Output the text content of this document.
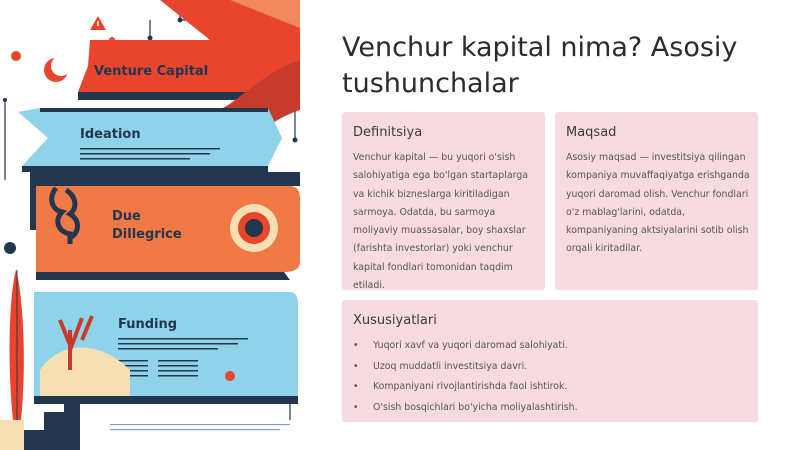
Venture Capital
Ideation
Due Dillegrice
Funding
Venchur kapital nima? Asosiy tushunchalar
Definitsiya
Venchur kapital — bu yuqori o'sish salohiyatiga ega bo'lgan startaplarga va kichik bizneslarga kiritiladigan sarmoya. Odatda, bu sarmoya moliyaviy muassasalar, boy shaxslar (farishta investorlar) yoki venchur kapital fondlari tomonidan taqdim etiladi.
Maqsad
Asosiy maqsad — investitsiya qilingan kompaniya muvaffaqiyatga erishganda yuqori daromad olish. Venchur fondlari o'z mablag'larini, odatda, kompaniyaning aktsiyalarini sotib olish orqali kiritadilar.
Xususiyatlari
• Yuqori xavf va yuqori daromad salohiyati.
• Uzoq muddatli investitsiya davri.
• Kompaniyani rivojlantirishda faol ishtirok.
• O'sish bosqichlari bo'yicha moliyalashtirish.
